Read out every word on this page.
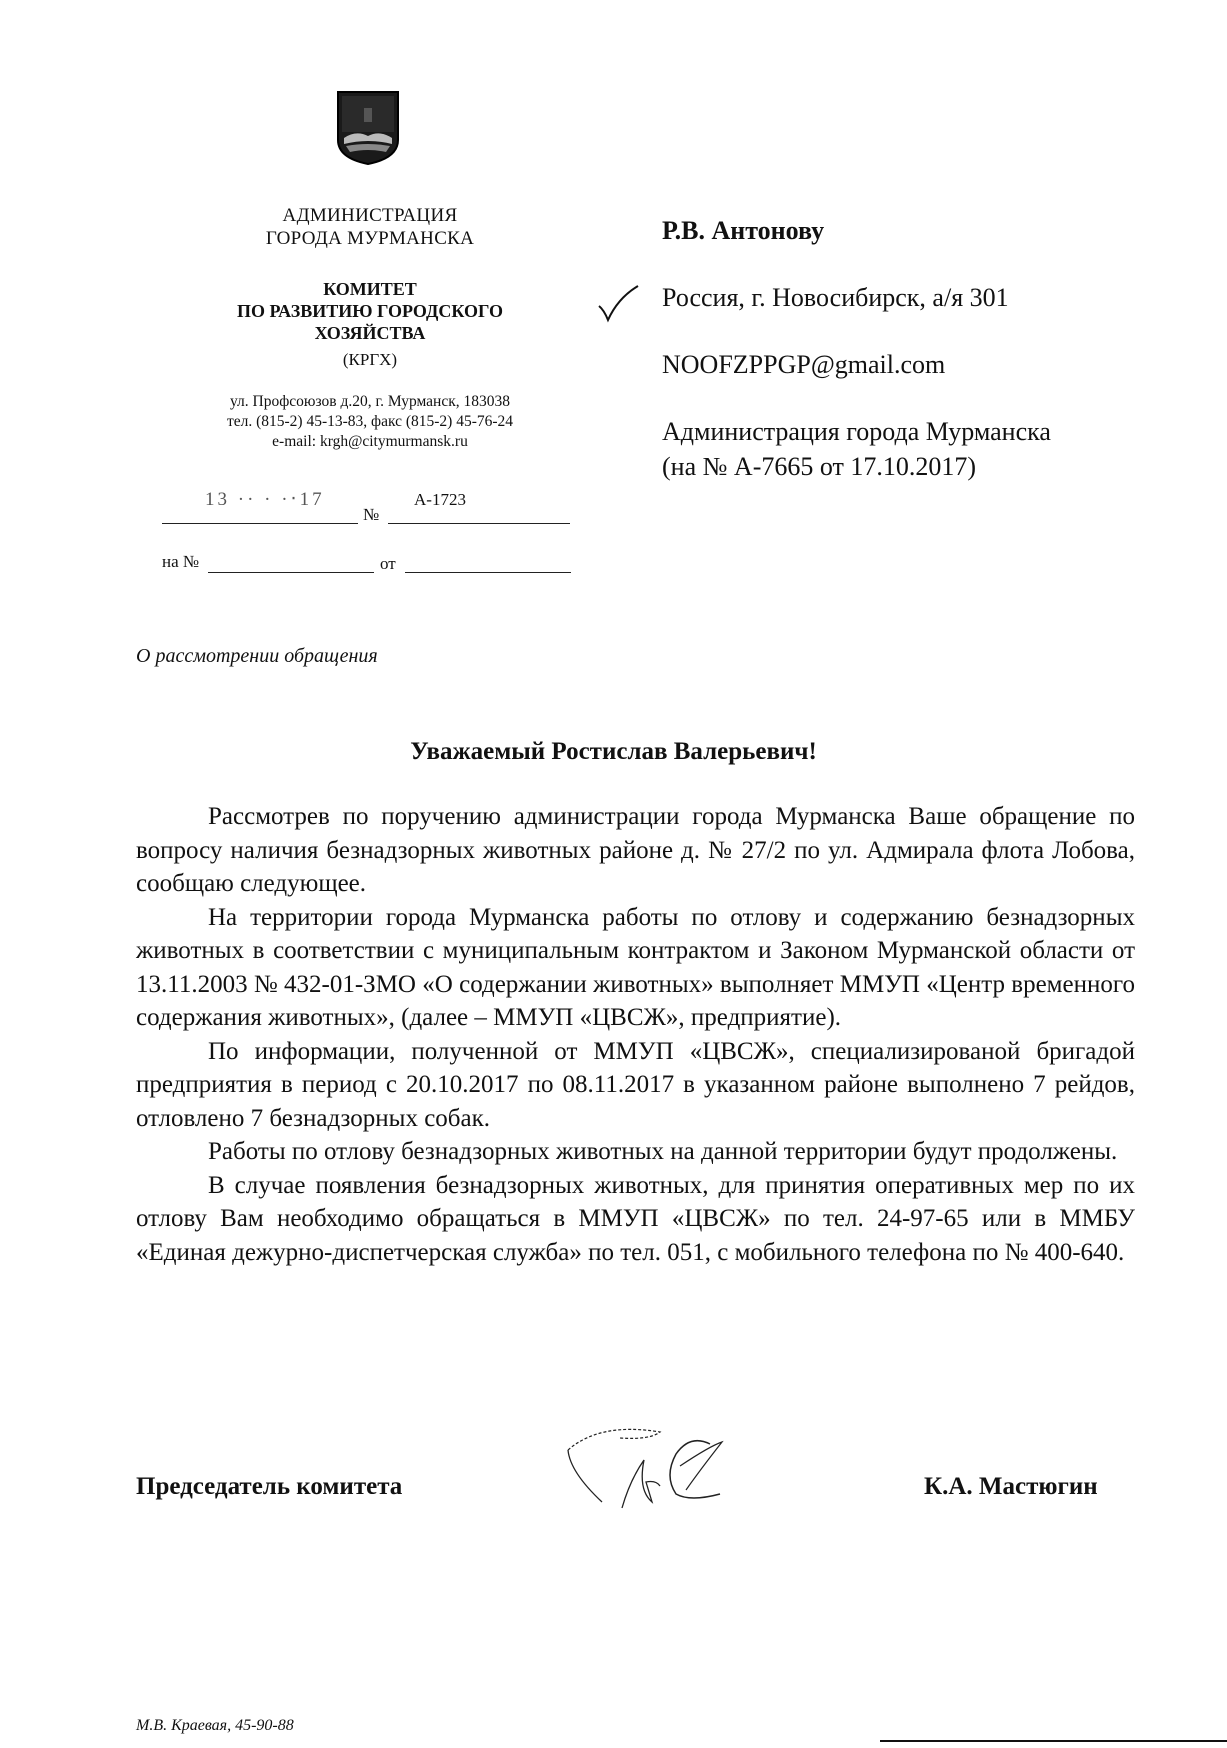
АДМИНИСТРАЦИЯ
ГОРОДА МУРМАНСКА
КОМИТЕТ
ПО РАЗВИТИЮ ГОРОДСКОГО
ХОЗЯЙСТВА
(КРГХ)
ул. Профсоюзов д.20, г. Мурманск, 183038
тел. (815-2) 45-13-83, факс (815-2) 45-76-24
e-mail: krgh@citymurmansk.ru
13 ·· · ·‧17
№
А-1723
на №	от
Р.В. Антонову
Россия, г. Новосибирск, а/я 301
NOOFZPPGP@gmail.com
Администрация города Мурманска
(на № А-7665 от 17.10.2017)
О рассмотрении обращения
Уважаемый Ростислав Валерьевич!

Рассмотрев по поручению администрации города Мурманска Ваше обращение по вопросу наличия безнадзорных животных районе д. № 27/2 по ул. Адмирала флота Лобова, сообщаю следующее.

На территории города Мурманска работы по отлову и содержанию безнадзорных животных в соответствии с муниципальным контрактом и Законом Мурманской области от 13.11.2003 № 432-01-ЗМО «О содержании животных» выполняет ММУП «Центр временного содержания животных», (далее – ММУП «ЦВСЖ», предприятие).

По информации, полученной от ММУП «ЦВСЖ», специализированой бригадой предприятия в период с 20.10.2017 по 08.11.2017 в указанном районе выполнено 7 рейдов, отловлено 7 безнадзорных собак.

Работы по отлову безнадзорных животных на данной территории будут продолжены.

В случае появления безнадзорных животных, для принятия оперативных мер по их отлову Вам необходимо обращаться в ММУП «ЦВСЖ» по тел. 24-97-65 или в ММБУ «Единая дежурно-диспетчерская служба» по тел. 051, с мобильного телефона по № 400-640.

Председатель комитета	К.А. Мастюгин
М.В. Краевая, 45-90-88
